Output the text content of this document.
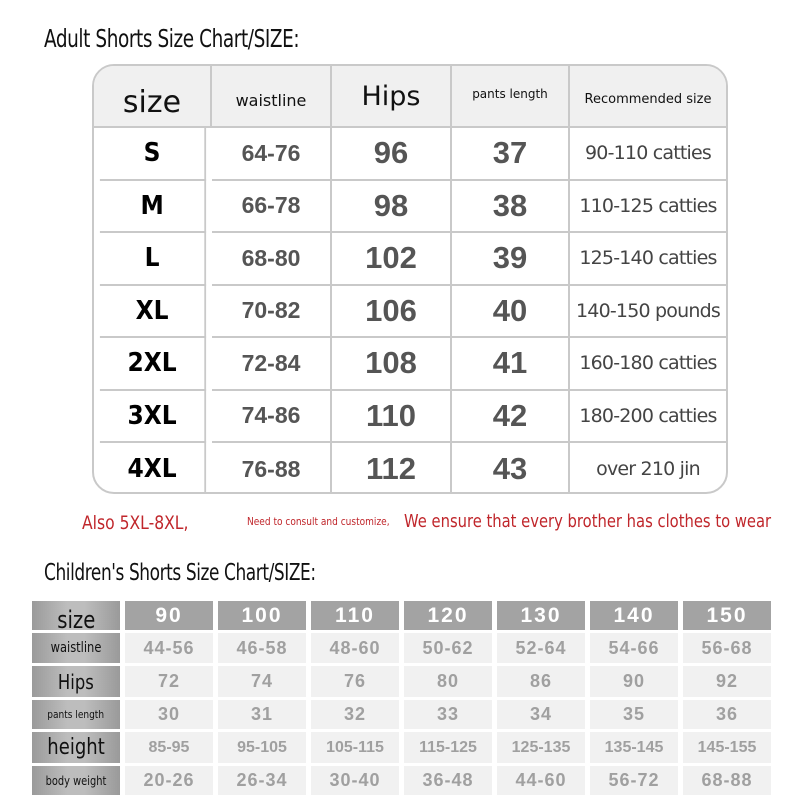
Adult Shorts Size Chart/SIZE:
size	waistline	Hips	pants length	Recommended size
S	64-76	96	37	90-110 catties
M	66-78	98	38	110-125 catties
L	68-80	102	39	125-140 catties
XL	70-82	106	40	140-150 pounds
2XL	72-84	108	41	160-180 catties
3XL	74-86	110	42	180-200 catties
4XL	76-88	112	43	over 210 jin
Also 5XL-8XL,	Need to consult and customize, We ensure that every brother has clothes to wear
Children's Shorts Size Chart/SIZE:
size	90	100	110	120	130	140	150
waistline	44-56	46-58	48-60	50-62	52-64	54-66	56-68
Hips	72	74	76	80	86	90	92
pants length	30	31	32	33	34	35	36
height	85-95	95-105	105-115	115-125	125-135	135-145	145-155
body weight	20-26	26-34	30-40	36-48	44-60	56-72	68-88
